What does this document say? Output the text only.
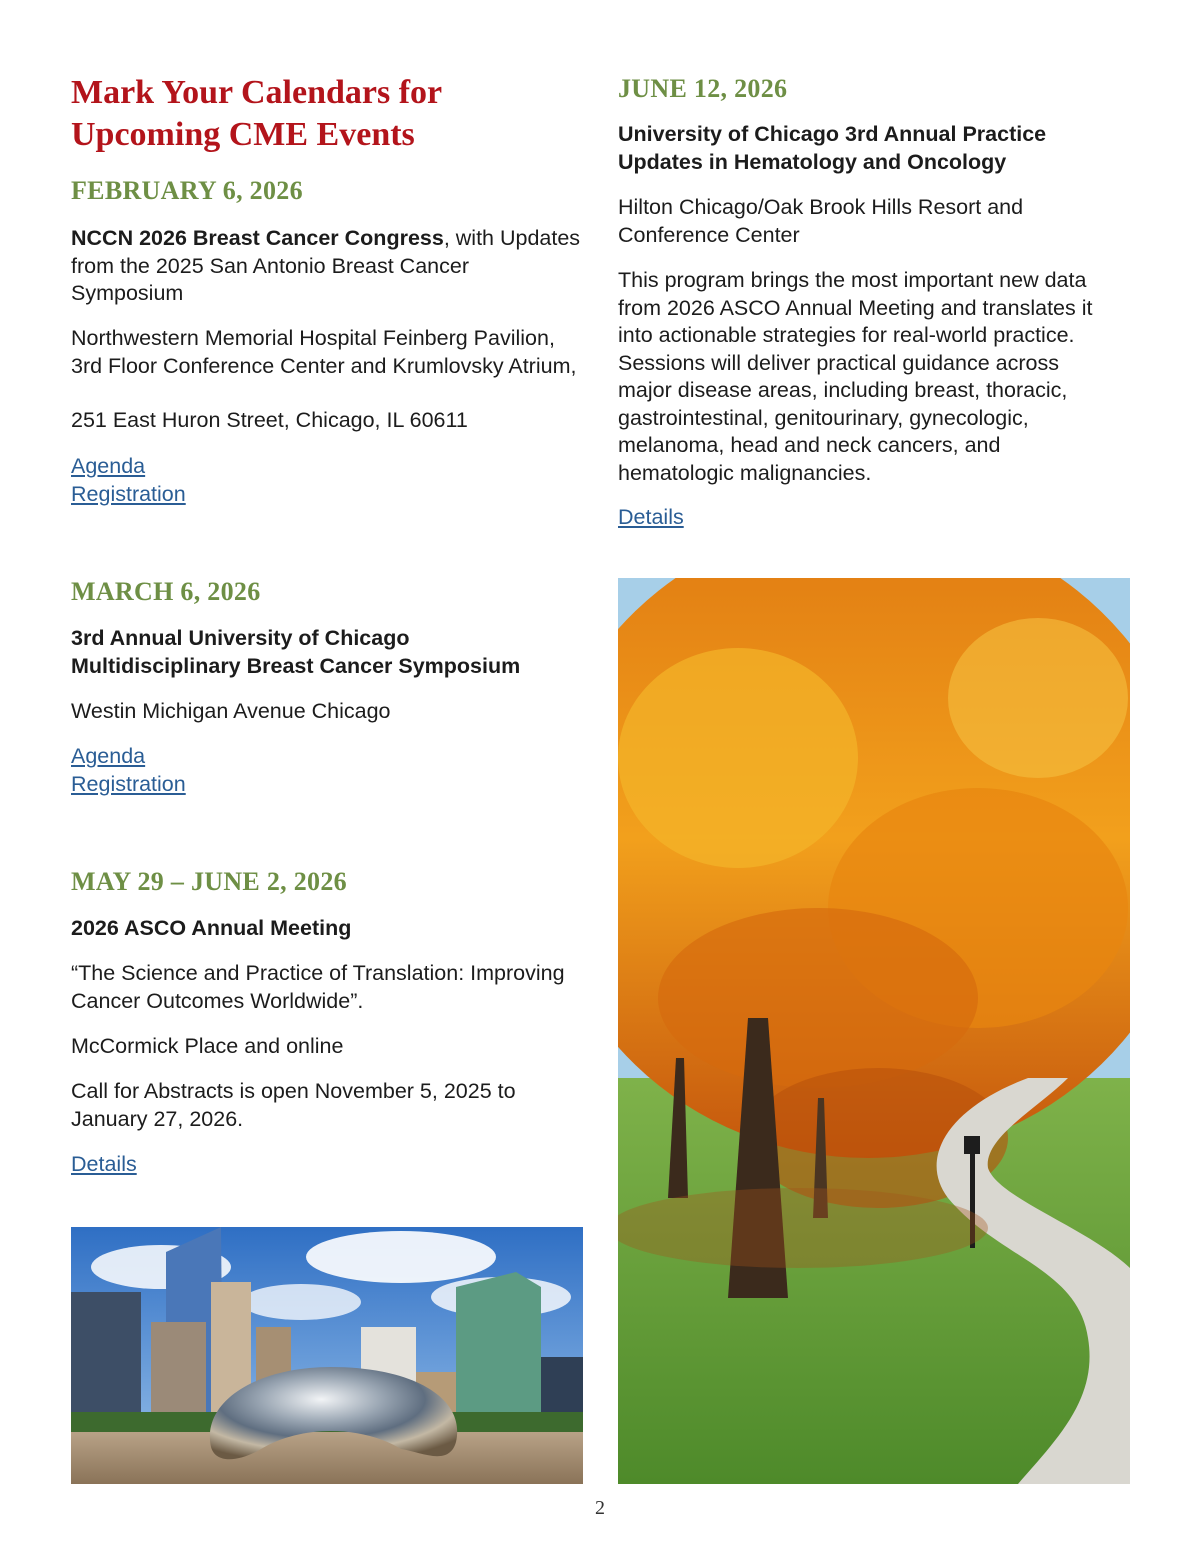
Mark Your Calendars for Upcoming CME Events
FEBRUARY 6, 2026

NCCN 2026 Breast Cancer Congress, with Updates from the 2025 San Antonio Breast Cancer Symposium

Northwestern Memorial Hospital Feinberg Pavilion, 3rd Floor Conference Center and Krumlovsky Atrium,

251 East Huron Street, Chicago, IL 60611

Agenda
Registration
MARCH 6, 2026

3rd Annual University of Chicago Multidisciplinary Breast Cancer Symposium

Westin Michigan Avenue Chicago

Agenda
Registration
MAY 29 – JUNE 2, 2026

2026 ASCO Annual Meeting

“The Science and Practice of Translation: Improving Cancer Outcomes Worldwide”.

McCormick Place and online

Call for Abstracts is open November 5, 2025 to January 27, 2026.

Details
JUNE 12, 2026

University of Chicago 3rd Annual Practice Updates in Hematology and Oncology

Hilton Chicago/Oak Brook Hills Resort and Conference Center

This program brings the most important new data from 2026 ASCO Annual Meeting and translates it into actionable strategies for real-world practice. Sessions will deliver practical guidance across major disease areas, including breast, thoracic, gastrointestinal, genitourinary, gynecologic, melanoma, head and neck cancers, and hematologic malignancies.

Details
2
